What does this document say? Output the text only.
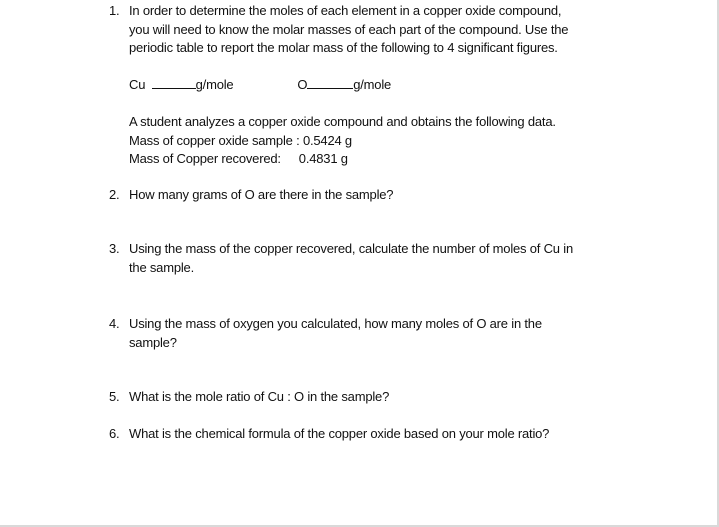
1. In order to determine the moles of each element in a copper oxide compound,
you will need to know the molar masses of each part of the compound. Use the
periodic table to report the molar mass of the following to 4 significant figures.
Cu	g/mole	O	g/mole
A student analyzes a copper oxide compound and obtains the following data.
Mass of copper oxide sample : 0.5424 g
Mass of Copper recovered: 0.4831 g
2. How many grams of O are there in the sample?
3. Using the mass of the copper recovered, calculate the number of moles of Cu in
the sample.
4. Using the mass of oxygen you calculated, how many moles of O are in the
sample?
5. What is the mole ratio of Cu : O in the sample?
6. What is the chemical formula of the copper oxide based on your mole ratio?
